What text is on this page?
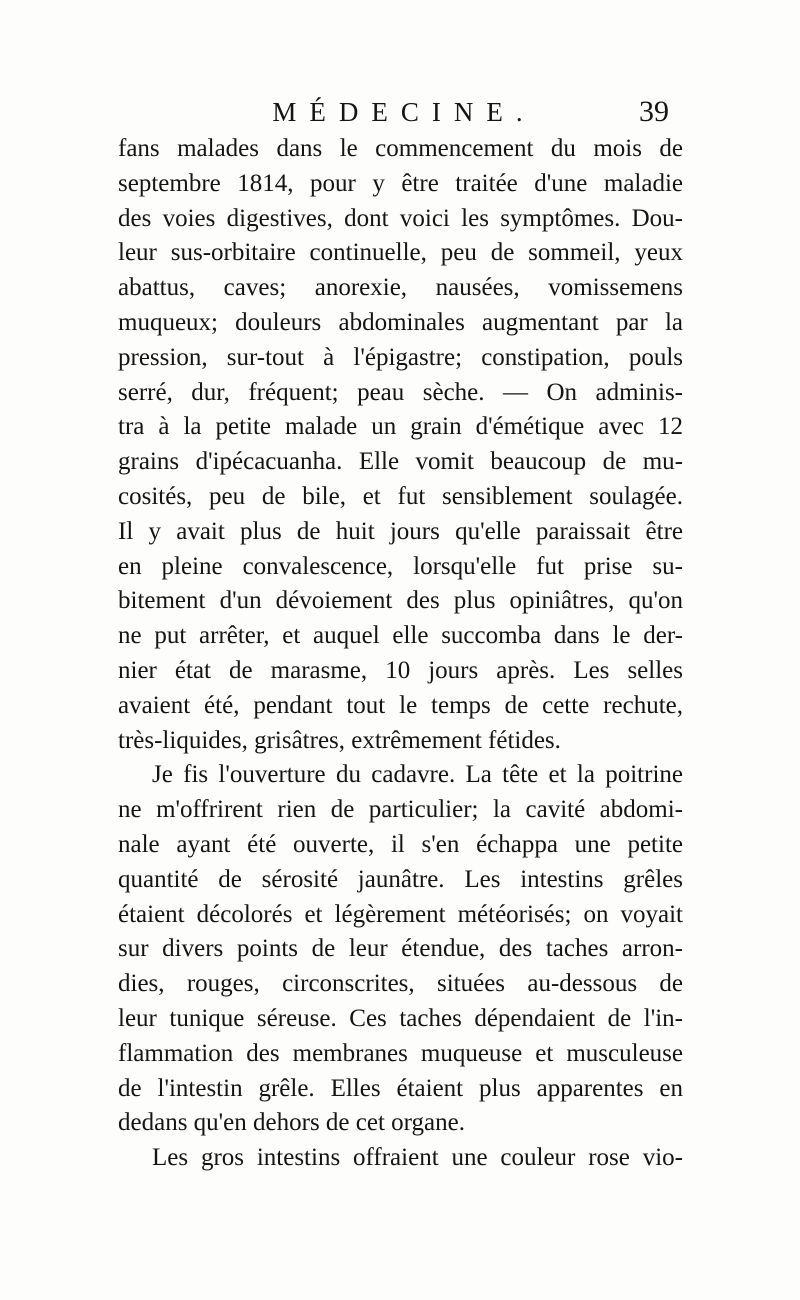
MÉDECINE.	39
fans malades dans le commencement du mois de
septembre 1814, pour y être traitée d'une maladie
des voies digestives, dont voici les symptômes. Dou-
leur sus-orbitaire continuelle, peu de sommeil, yeux
abattus, caves; anorexie, nausées, vomissemens
muqueux; douleurs abdominales augmentant par la
pression, sur-tout à l'épigastre; constipation, pouls
serré, dur, fréquent; peau sèche. — On adminis-
tra à la petite malade un grain d'émétique avec 12
grains d'ipécacuanha. Elle vomit beaucoup de mu-
cosités, peu de bile, et fut sensiblement soulagée.
Il y avait plus de huit jours qu'elle paraissait être
en pleine convalescence, lorsqu'elle fut prise su-
bitement d'un dévoiement des plus opiniâtres, qu'on
ne put arrêter, et auquel elle succomba dans le der-
nier état de marasme, 10 jours après. Les selles
avaient été, pendant tout le temps de cette rechute,
très-liquides, grisâtres, extrêmement fétides.
Je fis l'ouverture du cadavre. La tête et la poitrine
ne m'offrirent rien de particulier; la cavité abdomi-
nale ayant été ouverte, il s'en échappa une petite
quantité de sérosité jaunâtre. Les intestins grêles
étaient décolorés et légèrement météorisés; on voyait
sur divers points de leur étendue, des taches arron-
dies, rouges, circonscrites, situées au-dessous de
leur tunique séreuse. Ces taches dépendaient de l'in-
flammation des membranes muqueuse et musculeuse
de l'intestin grêle. Elles étaient plus apparentes en
dedans qu'en dehors de cet organe.
Les gros intestins offraient une couleur rose vio-
